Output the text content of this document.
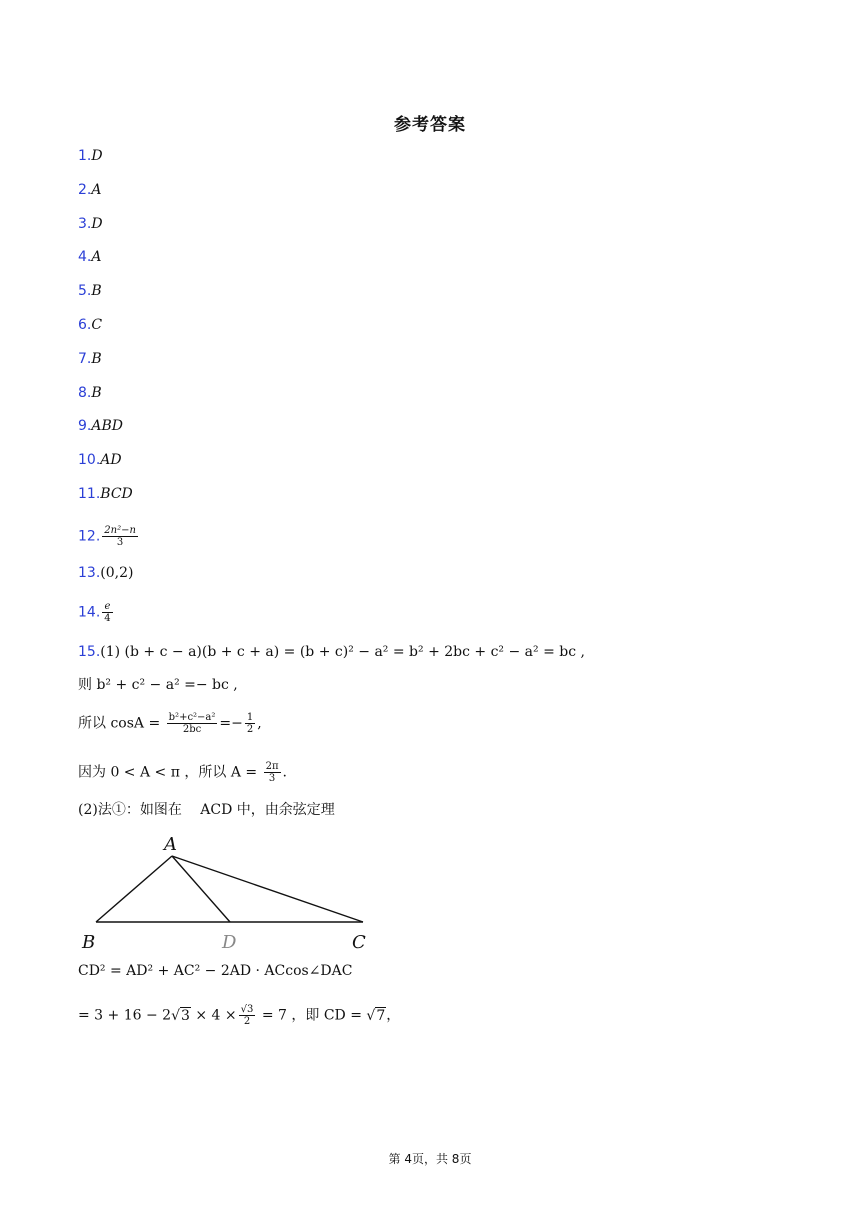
参考答案
1.D
2.A
3.D
4.A
5.B
6.C
7.B
8.B
9.ABD
10.AD
11.BCD
12. $\frac{\text{2n²−n}}{3}$
13.(0,2)
14. $\frac{e}{4}$
15.(1) (b + c − a)(b + c + a) = (b + c)² − a² = b² + 2bc + c² − a² = bc ,
则 b² + c² − a² =− bc ,
所以 $\cos A = \frac{\text{b²+c²−a²}}{2bc} =- \frac{1}{2}$ ,
因为 0 < A < π ，所以 $A = \frac{2\pi}{3}$ .
(2)法①：如图在　 ACD 中，由余弦定理
A
B	D	C
CD² = AD² + AC² − 2AD · ACcos∠DAC
= $3 + 16 - 2√3 \times 4 \times \frac{√3}{2} = 7$ ，即 CD = √7，
第 4页，共 8页
